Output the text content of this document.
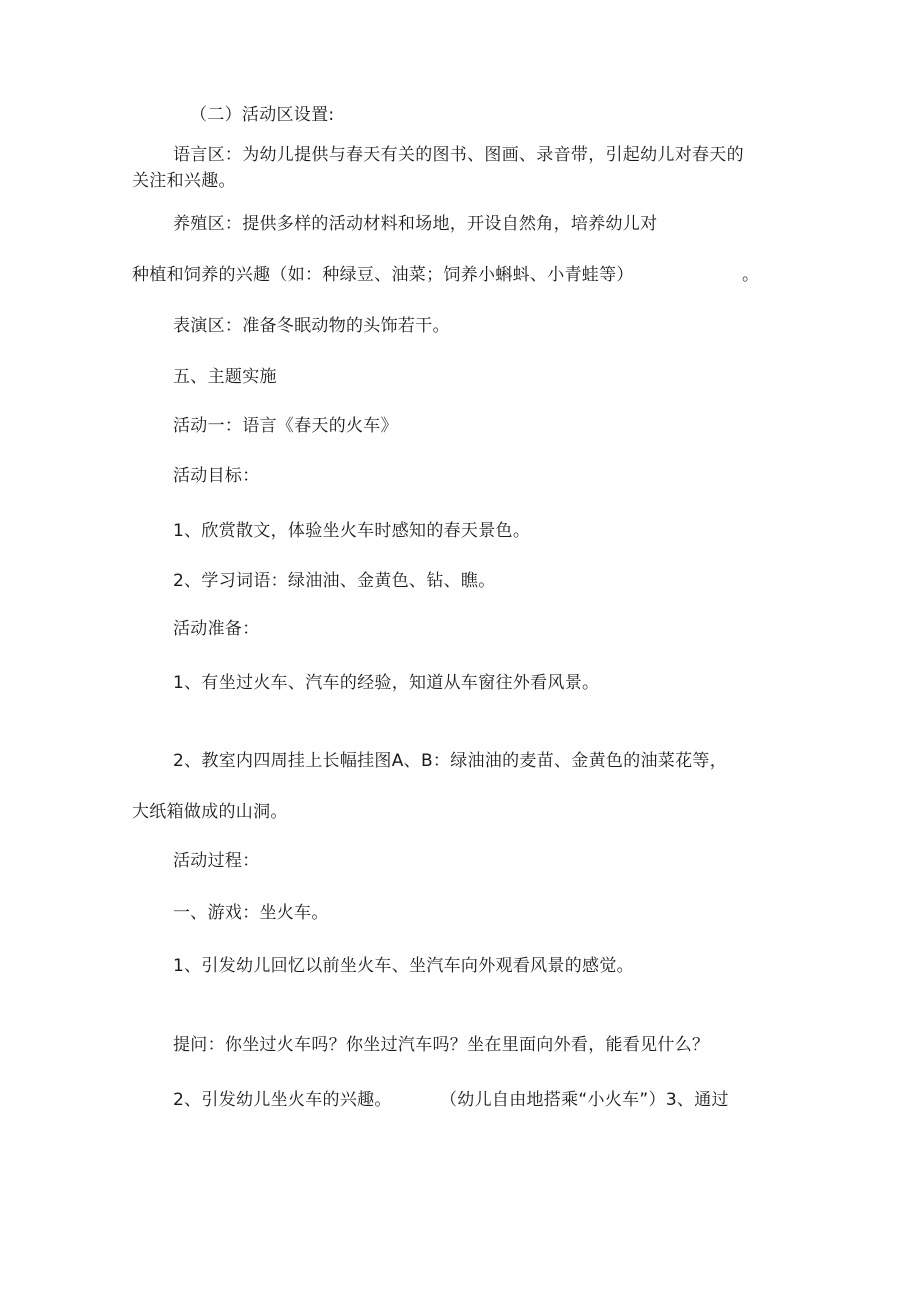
（二）活动区设置:
语言区：为幼儿提供与春天有关的图书、图画、录音带，引起幼儿对春天的
关注和兴趣。
养殖区：提供多样的活动材料和场地，开设自然角，培养幼儿对
种植和饲养的兴趣（如：种绿豆、油菜；饲养小蝌蚪、小青蛙等）	。
表演区：准备冬眠动物的头饰若干。
五、主题实施
活动一：语言《春天的火车》
活动目标：
1、欣赏散文，体验坐火车时感知的春天景色。
2、学习词语：绿油油、金黄色、钻、瞧。
活动准备：
1、有坐过火车、汽车的经验，知道从车窗往外看风景。
2、教室内四周挂上长幅挂图A、B：绿油油的麦苗、金黄色的油菜花等，
大纸箱做成的山洞。
活动过程：
一、游戏：坐火车。
1、引发幼儿回忆以前坐火车、坐汽车向外观看风景的感觉。
提问：你坐过火车吗？你坐过汽车吗？坐在里面向外看，能看见什么？
2、引发幼儿坐火车的兴趣。	（幼儿自由地搭乘“小火车”）3、通过
